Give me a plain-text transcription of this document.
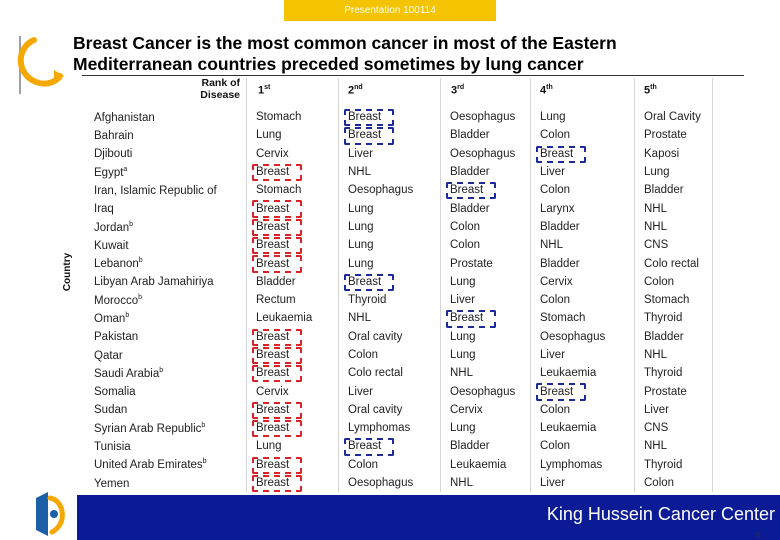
Presentation 100114
Breast Cancer is the most common cancer in most of the Eastern
Mediterranean countries preceded sometimes by lung cancer
Country
Rank of
Disease 1st	2nd	3rd	4th	5th
Afghanistan	Stomach	Breast	Oesophagus	Lung	Oral Cavity
Bahrain	Lung	Breast	Bladder	Colon	Prostate
Djibouti	Cervix	Liver	Oesophagus	Breast	Kaposi
Egypt$^a$	Breast	NHL	Bladder	Liver	Lung
Iran, Islamic Republic of	Stomach	Oesophagus	Breast	Colon	Bladder
Iraq	Breast	Lung	Bladder	Larynx	NHL
Jordan$^b$	Breast	Lung	Colon	Bladder	NHL
Kuwait	Breast	Lung	Colon	NHL	CNS
Lebanon$^b$	Breast	Lung	Prostate	Bladder	Colo rectal
Libyan Arab Jamahiriya	Bladder	Breast	Lung	Cervix	Colon
Morocco$^b$	Rectum	Thyroid	Liver	Colon	Stomach
Oman$^b$	Leukaemia	NHL	Breast	Stomach	Thyroid
Pakistan	Breast	Oral cavity	Lung	Oesophagus	Bladder
Qatar	Breast	Colon	Lung	Liver	NHL
Saudi Arabia$^b$	Breast	Colo rectal	NHL	Leukaemia	Thyroid
Somalia	Cervix	Liver	Oesophagus	Breast	Prostate
Sudan	Breast	Oral cavity	Cervix	Colon	Liver
Syrian Arab Republic$^b$	Breast	Lymphomas	Lung	Leukaemia	CNS
Tunisia	Lung	Breast	Bladder	Colon	NHL
United Arab Emirates$^b$	Breast	Colon	Leukaemia	Lymphomas	Thyroid
Yemen	Breast	Oesophagus	NHL	Liver	Colon
King Hussein Cancer Center
8
